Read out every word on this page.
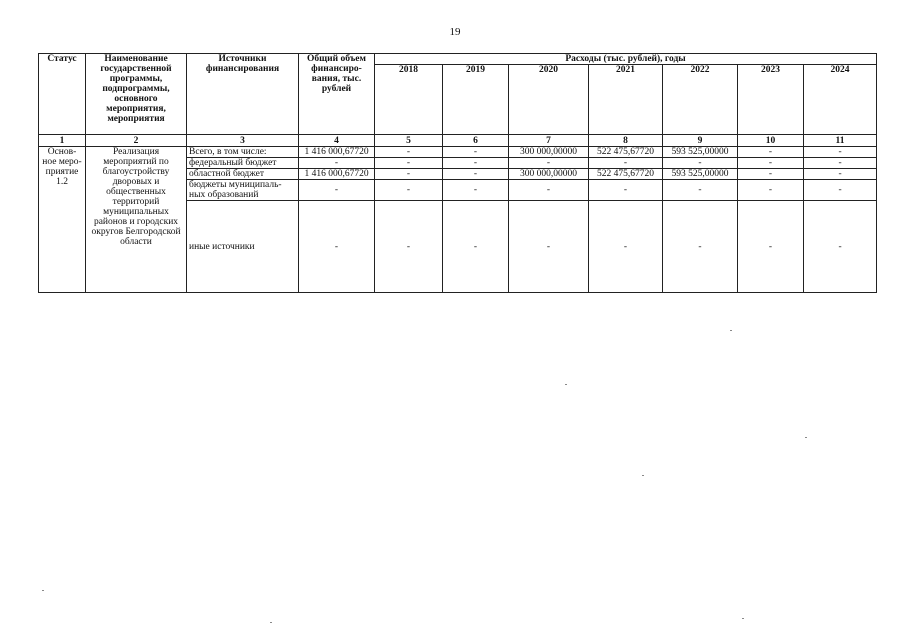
19
Статус	Наименование государственной программы, подпрограммы, основного мероприятия, мероприятия	Источники финансирования	Общий объем финансиро-вания, тыс. рублей	Расходы (тыс. рублей), годы						
				2018	2019	2020	2021	2022	2023	2024
1	2	3	4	5	6	7	8	9	10	11
Основ-ное меро-приятие 1.2	Реализация мероприятий по благоустройству дворовых и общественных территорий муниципальных районов и городских округов Белгородской области	Всего, в том числе:	1 416 000,67720	-	-	300 000,00000	522 475,67720	593 525,00000	-	-
		федеральный бюджет	-	-	-	-	-	-	-	-
		областной бюджет	1 416 000,67720	-	-	300 000,00000	522 475,67720	593 525,00000	-	-
		бюджеты муниципаль-ных образований	-	-	-	-	-	-	-	-
		иные источники	-	-	-	-	-	-	-	-
